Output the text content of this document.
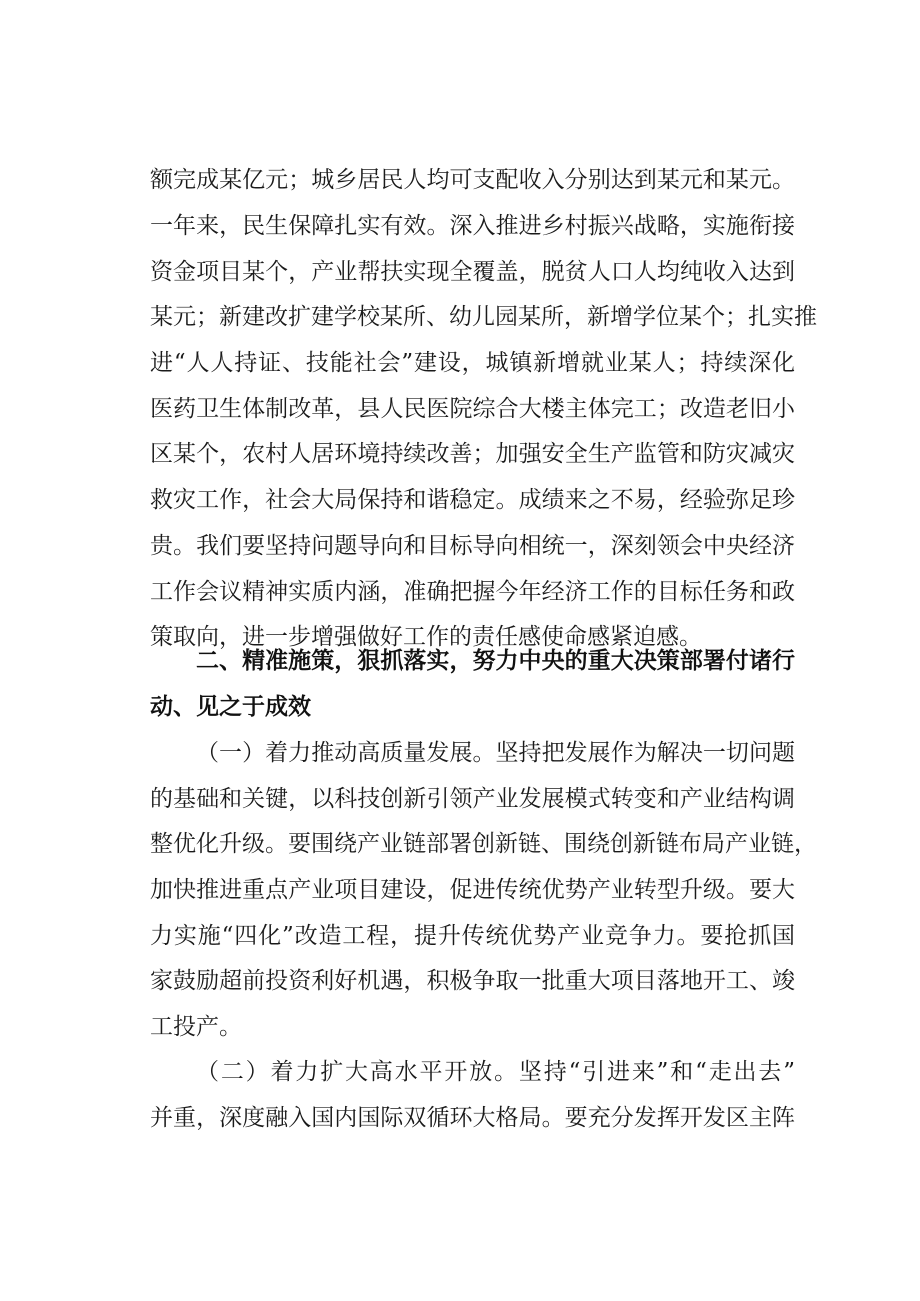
额完成某亿元；城乡居民人均可支配收入分别达到某元和某元。
一年来，民生保障扎实有效。深入推进乡村振兴战略，实施衔接
资金项目某个，产业帮扶实现全覆盖，脱贫人口人均纯收入达到
某元；新建改扩建学校某所、幼儿园某所，新增学位某个；扎实推
进“人人持证、技能社会”建设，城镇新增就业某人；持续深化
医药卫生体制改革，县人民医院综合大楼主体完工；改造老旧小
区某个，农村人居环境持续改善；加强安全生产监管和防灾减灾
救灾工作，社会大局保持和谐稳定。成绩来之不易，经验弥足珍
贵。我们要坚持问题导向和目标导向相统一，深刻领会中央经济
工作会议精神实质内涵，准确把握今年经济工作的目标任务和政
策取向，进一步增强做好工作的责任感使命感紧迫感。
二、精准施策，狠抓落实，努力中央的重大决策部署付诸行
动、见之于成效
（一）着力推动高质量发展。坚持把发展作为解决一切问题
的基础和关键，以科技创新引领产业发展模式转变和产业结构调
整优化升级。要围绕产业链部署创新链、围绕创新链布局产业链，
加快推进重点产业项目建设，促进传统优势产业转型升级。要大
力实施“四化”改造工程，提升传统优势产业竞争力。要抢抓国
家鼓励超前投资利好机遇，积极争取一批重大项目落地开工、竣
工投产。
（二）着力扩大高水平开放。坚持“引进来”和“走出去”
并重，深度融入国内国际双循环大格局。要充分发挥开发区主阵
